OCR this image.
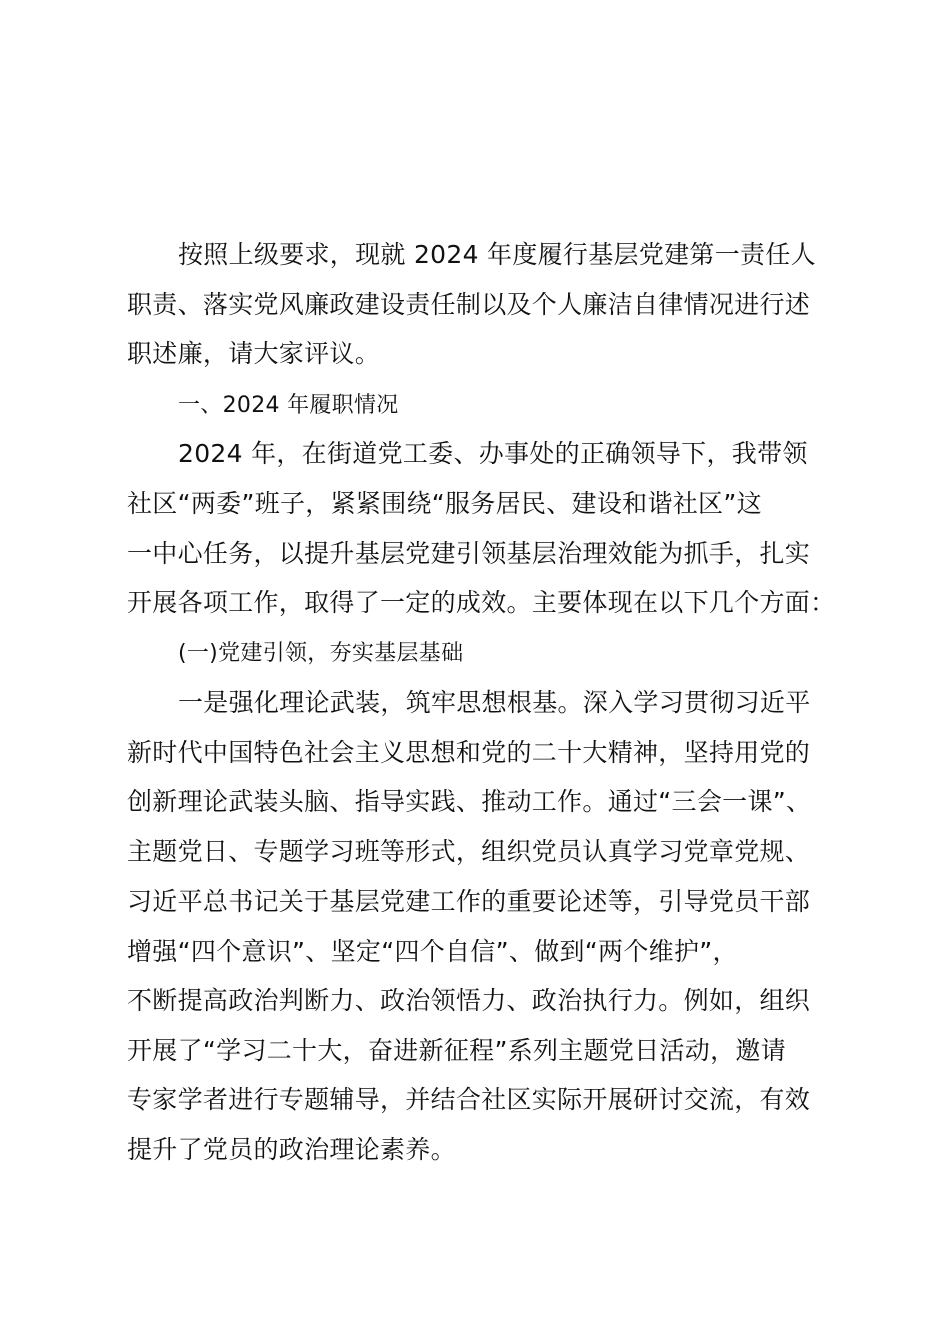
按照上级要求，现就 2024 年度履行基层党建第一责任人
职责、落实党风廉政建设责任制以及个人廉洁自律情况进行述
职述廉，请大家评议。
一、2024 年履职情况
2024 年，在街道党工委、办事处的正确领导下，我带领
社区“两委”班子，紧紧围绕“服务居民、建设和谐社区”这
一中心任务，以提升基层党建引领基层治理效能为抓手，扎实
开展各项工作，取得了一定的成效。主要体现在以下几个方面：
(一)党建引领，夯实基层基础
一是强化理论武装，筑牢思想根基。深入学习贯彻习近平
新时代中国特色社会主义思想和党的二十大精神，坚持用党的
创新理论武装头脑、指导实践、推动工作。通过“三会一课”、
主题党日、专题学习班等形式，组织党员认真学习党章党规、
习近平总书记关于基层党建工作的重要论述等，引导党员干部
增强“四个意识”、坚定“四个自信”、做到“两个维护”，
不断提高政治判断力、政治领悟力、政治执行力。例如，组织
开展了“学习二十大，奋进新征程”系列主题党日活动，邀请
专家学者进行专题辅导，并结合社区实际开展研讨交流，有效
提升了党员的政治理论素养。
